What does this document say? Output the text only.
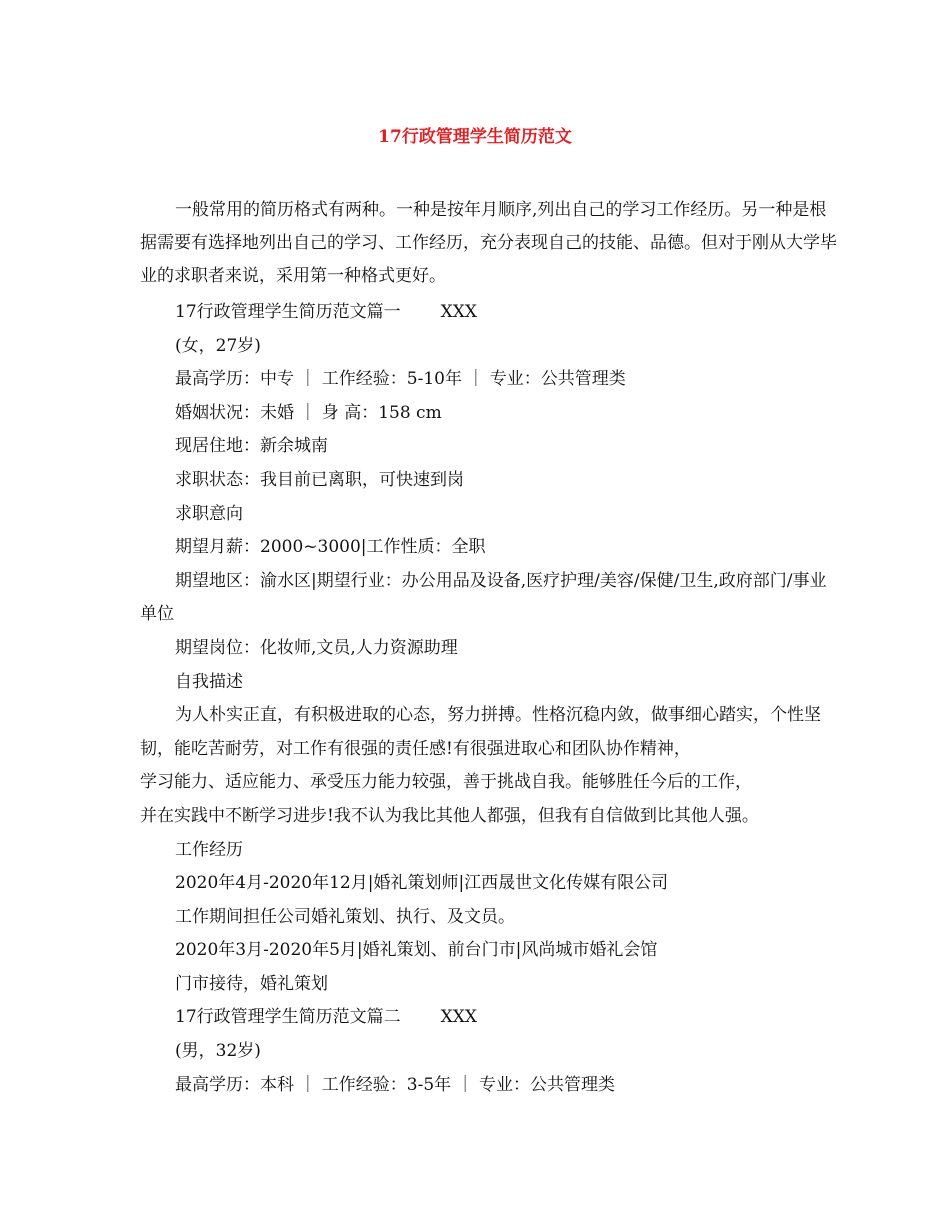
17行政管理学生简历范文

一般常用的简历格式有两种。一种是按年月顺序,列出自己的学习工作经历。另一种是根据需要有选择地列出自己的学习、工作经历，充分表现自己的技能、品德。但对于刚从大学毕业的求职者来说，采用第一种格式更好。

17行政管理学生简历范文篇一 XXX
(女，27岁)
最高学历：中专 ｜ 工作经验：5-10年 ｜ 专业：公共管理类
婚姻状况：未婚 ｜ 身 高：158 cm
现居住地：新余城南
求职状态：我目前已离职，可快速到岗
求职意向
期望月薪：2000~3000|工作性质：全职
期望地区：渝水区|期望行业：办公用品及设备,医疗护理/美容/保健/卫生,政府部门/事业单位
期望岗位：化妆师,文员,人力资源助理
自我描述
为人朴实正直，有积极进取的心态，努力拼搏。性格沉稳内敛，做事细心踏实，个性坚韧，能吃苦耐劳，对工作有很强的责任感!有很强进取心和团队协作精神，
学习能力、适应能力、承受压力能力较强，善于挑战自我。能够胜任今后的工作，
并在实践中不断学习进步!我不认为我比其他人都强，但我有自信做到比其他人强。
工作经历
2020年4月-2020年12月|婚礼策划师|江西晟世文化传媒有限公司
工作期间担任公司婚礼策划、执行、及文员。
2020年3月-2020年5月|婚礼策划、前台门市|风尚城市婚礼会馆
门市接待，婚礼策划
17行政管理学生简历范文篇二 XXX
(男，32岁)
最高学历：本科 ｜ 工作经验：3-5年 ｜ 专业：公共管理类
